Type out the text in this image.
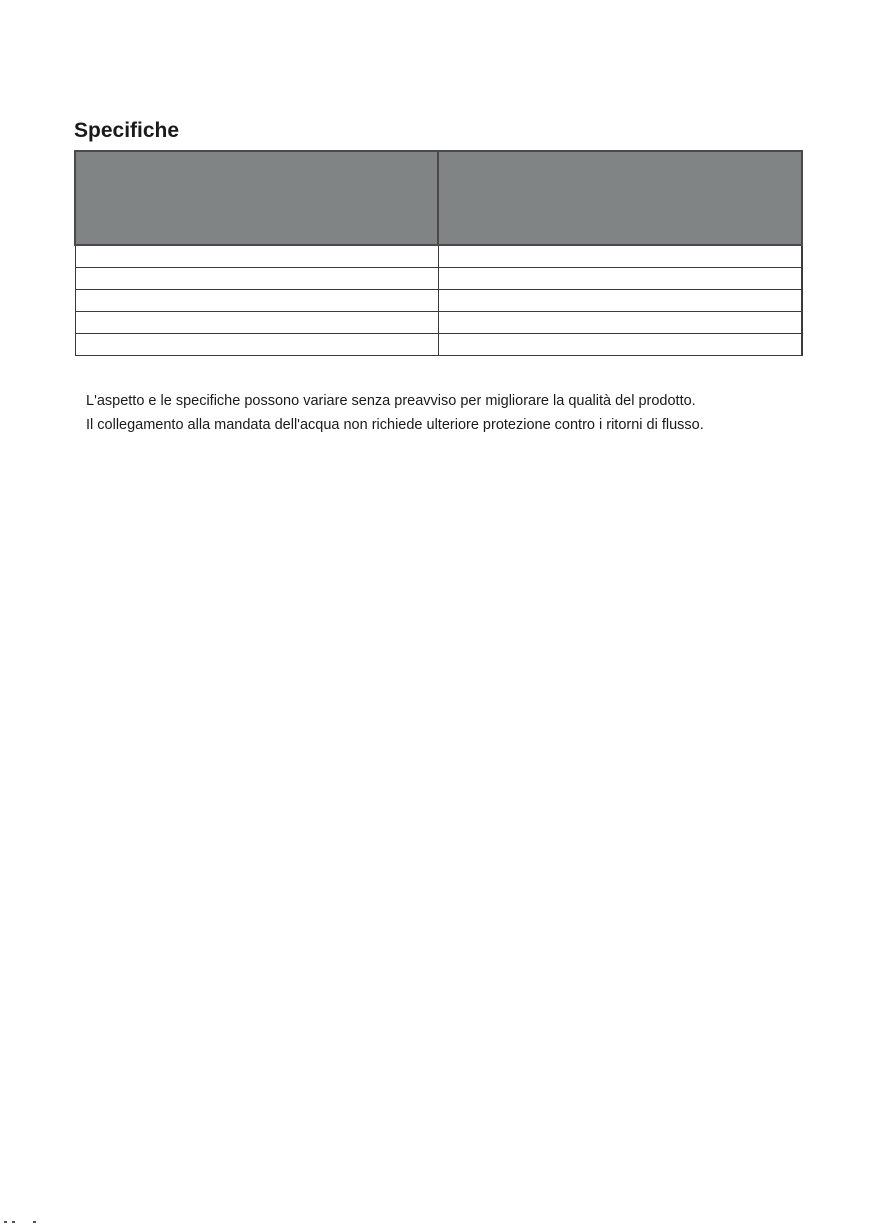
Specifiche

L'aspetto e le specifiche possono variare senza preavviso per migliorare la qualità del prodotto.

Il collegamento alla mandata dell'acqua non richiede ulteriore protezione contro i ritorni di flusso.
